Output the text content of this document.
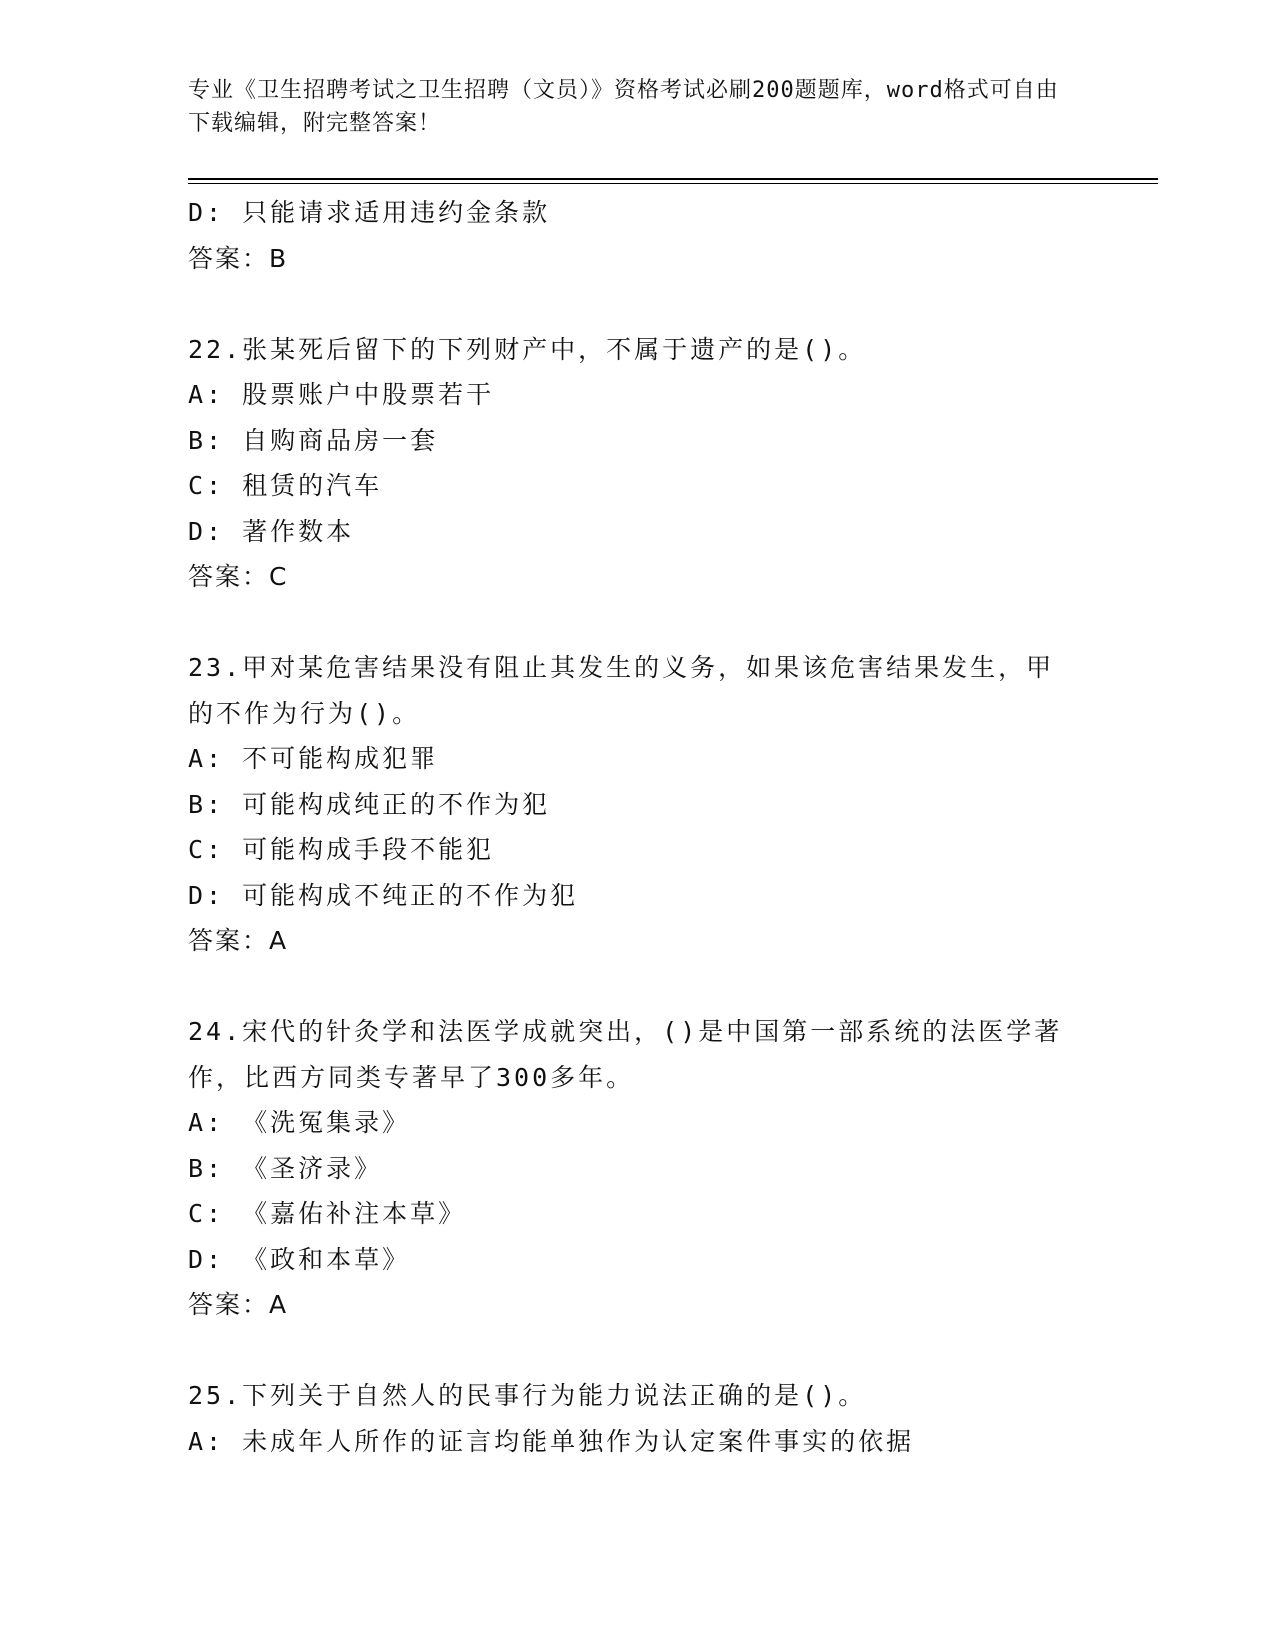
专业《卫生招聘考试之卫生招聘（文员）》资格考试必刷200题题库，word格式可自由下载编辑，附完整答案！
D: 只能请求适用违约金条款
答案：B
22.张某死后留下的下列财产中，不属于遗产的是()。
A: 股票账户中股票若干
B: 自购商品房一套
C: 租赁的汽车
D: 著作数本
答案：C
23.甲对某危害结果没有阻止其发生的义务，如果该危害结果发生，甲的不作为行为()。
A: 不可能构成犯罪
B: 可能构成纯正的不作为犯
C: 可能构成手段不能犯
D: 可能构成不纯正的不作为犯
答案：A
24.宋代的针灸学和法医学成就突出，()是中国第一部系统的法医学著作，比西方同类专著早了300多年。
A: 《洗冤集录》
B: 《圣济录》
C: 《嘉佑补注本草》
D: 《政和本草》
答案：A
25.下列关于自然人的民事行为能力说法正确的是()。
A: 未成年人所作的证言均能单独作为认定案件事实的依据
